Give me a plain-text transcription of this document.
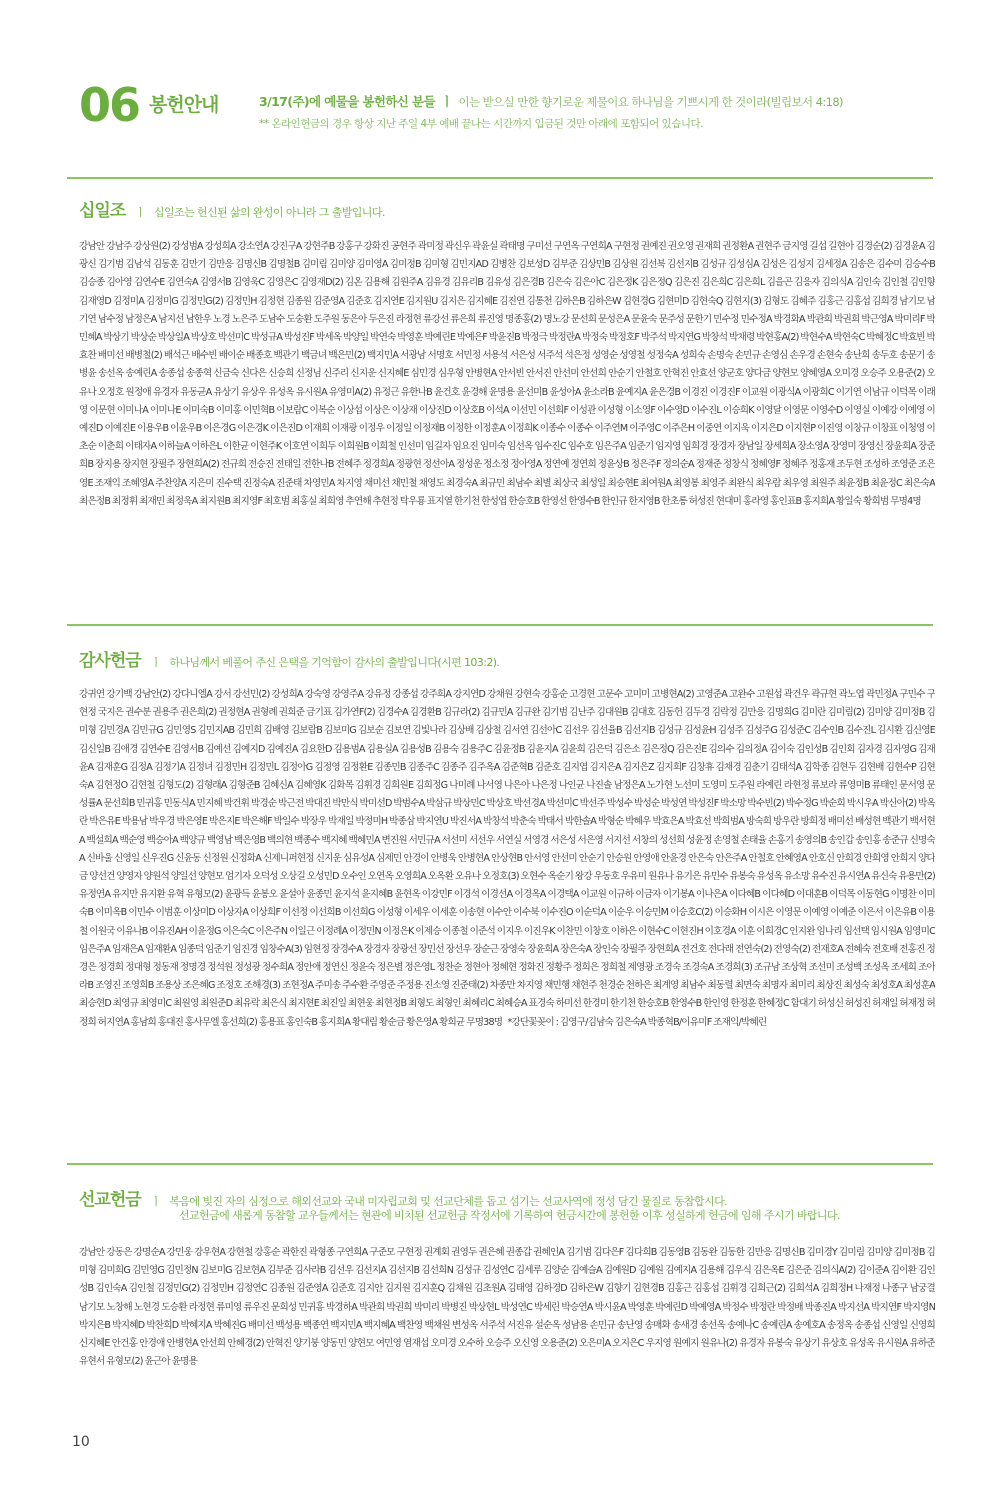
06 봉헌안내	3/17(주)에 예물을 봉헌하신 분들 ㅣ 이는 받으실 만한 향기로운 제물이요 하나님을 기쁘시게 한 것이라(빌립보서 4:18)
** 온라인헌금의 경우 항상 지난 주일 4부 예배 끝나는 시간까지 입금된 것만 아래에 포함되어 있습니다.
십일조 ㅣ 십일조는 헌신된 삶의 완성이 아니라 그 출발입니다.
강남안 강남주 강상원(2) 강성범A 강성희A 강소연A 강진구A 강현주B 강홍구 강화진 공현주 곽미정 곽신우 곽윤실 곽태명 구미선 구연옥 구연희A 구현정 권예진 권오영 권재희 권정환A 권현주 금지영 길섭 길현아 김경순(2) 김경윤A 김광신 김기범 김남석 김동훈 김만기 김만응 김명신B 김명철B 김미림 김미양 김미영A 김미정B 김미형 김민지AD 김병찬 김보성D 김부준 김상민B 김상원 김선북 김선지B 김성규 김성심A 김성은 김성지 김세정A 김송은 김수미 김승수B 김승종 김아영 김연수E 김연숙A 김영서B 김영욱C 김영은C 김영재D(2) 김온 김용해 김원주A 김유경 김유리B 김유성 김은경B 김은숙 김은아C 김은정K 김은정Q 김은진 김은희C 김은희L 김을곤 김응자 김의식A 김인숙 김인철 김인향 김재영D 김정미A 김정미G 김정민G(2) 김정민H 김정현 김종원 김준영A 김준호 김지연E 김지원U 김지은 김지혜E 김진연 김통천 김하은B 김하은W 김현경G 김현미D 김현숙Q 김현지(3) 김형도 김혜주 김홍근 김홍섭 김희경 남기모 남기연 남수정 남정은A 남지선 남한우 노경 노은주 도남수 도숭환 도주원 동은아 두은진 라정현 류강선 류은희 류진영 명종홍(2) 명노강 문선희 문성은A 문윤숙 문주성 문한기 민수정 민수정A 박경화A 박관희 박권희 박근영A 박미리F 박민혜A 박상기 박상순 박상일A 박상호 박선미C 박성규A 박성진F 박세옥 박양일 박연숙 박영훈 박예린E 박예은F 박윤진B 박정극 박정란A 박정숙 박정호F 박주석 박지연G 박창석 박채령 박현홍A(2) 박현수A 박현숙C 박혜정C 박효빈 박효찬 배미선 배병철(2) 배석근 배수빈 배이순 배종호 백관기 백금녀 백은민(2) 백지민A 서광남 서명호 서민정 서용석 서은성 서주석 석은정 성영순 성영철 성정숙A 성희숙 손명숙 손민규 손영심 손우경 손현숙 송난희 송두호 송문기 송병윤 송선옥 송예린A 송종섭 송종혁 신금숙 신다은 신승희 신정님 신주리 신지운 신지혜E 심민경 심우형 안병현A 안서빈 안서진 안선미 안선희 안순기 안철호 안혁진 안효선 양군호 양다금 양현모 양혜영A 오미경 오승주 오용준(2) 오유나 오정호 원정애 유경자 유동균A 유상기 유상우 유성옥 유시원A 유영미A(2) 유정근 유한나B 윤건호 윤경해 윤명용 윤선미B 윤성아A 윤소라B 윤예지A 윤은경B 이경진 이경진F 이교원 이광식A 이광희C 이기연 이남규 이덕목 이래영 이문현 이미나A 이미나E 이미숙B 이미홍 이민혁B 이보람C 이복순 이상섭 이상은 이상재 이상진D 이상호B 이석A 이선민 이선희F 이성관 이성형 이소영F 이수영D 이수진L 이승희K 이영달 이영문 이영수D 이영실 이예강 이예영 이예진D 이예진E 이용우B 이윤우B 이은경G 이은경K 이은진D 이재희 이재광 이정우 이정일 이정재B 이정한 이정훈A 이정희K 이종수 이종수 이주연M 이주영C 이주은H 이중연 이지욱 이지은D 이지현P 이진영 이창규 이창표 이청영 이초순 이춘희 이태자A 이하늘A 이하은L 이한균 이현주K 이호연 이희두 이희원B 이희철 인선미 임길자 임요진 임미숙 임선옥 임수진C 임수호 임은주A 임준기 임지영 임희경 장경자 장남일 장세희A 장소영A 장영미 장영신 장윤희A 장준희B 장지용 장지현 장필주 장현희A(2) 전규희 전승진 전태일 전한나B 전혜주 정경희A 정광현 정선아A 정성운 정소정 정아영A 정연예 정연희 정윤상B 정은주F 정의순A 정재준 정창식 정혜영F 정혜주 정홍재 조두현 조성하 조영준 조은영E 조재익 조혜영A 주찬양A 지은미 진수택 진정숙A 진준태 차영민A 차지영 채미선 채민철 채영도 최경숙A 최규민 최남수 최별 최상국 최성일 최승현E 최여원A 최영봉 최영주 최완식 최우람 최우영 최원주 최윤정B 최윤정C 최은숙A 최은정B 최정휘 최재민 최정욱A 최지원B 최지영F 최호범 최홍실 최희영 추연해 추현정 탁우룡 표지열 한기천 한성엽 한승호B 한영선 한영수B 한인규 한지영B 한초롱 허성진 현대미 홍라영 홍인표B 홍지희A 황일숙 황희범 무명4명
감사헌금 ㅣ 하나님께서 베풀어 주신 은택을 기억함이 감사의 출발입니다(시편 103:2).
강귀연 강기백 강남안(2) 강다니엘A 강서 강선민(2) 강성희A 강숙영 강영주A 강유정 강종섭 강주희A 강지연D 강채원 강현숙 강홍순 고경현 고문수 고미미 고병현A(2) 고영준A 고완수 고원섭 곽건우 곽규현 곽노엽 곽민정A 구민수 구현정 국지은 권수분 권용주 권은희(2) 권정현A 권형례 권희준 금기표 김가연F(2) 김경수A 김경환B 김규라(2) 김규민A 김규완 김기범 김난주 김대원B 김대호 김동헌 김두경 김락정 김만응 김명희G 김미란 김미림(2) 김미양 김미정B 김미형 김민경A 김민규G 김민영S 김민지AB 김민희 김배영 김보람B 김보미G 김보순 김보연 김빛나라 김상배 김상철 김서연 김선아C 김선우 김선율B 김선지B 김성규 김성윤H 김성주 김성주G 김성준C 김수인B 김수진L 김시환 김신영E 김신일B 김애경 김연수E 김영서B 김예선 김예지D 김예진A 김요한D 김용범A 김용실A 김용성B 김용숙 김용주C 김윤정B 김윤지A 김윤희 김은덕 김은소 김은정Q 김은진E 김의수 김의정A 김이숙 김인성B 김인회 김자경 김자영G 김재윤A 김재훈G 김정A 김정기A 김정녀 김정민H 김정민L 김정아G 김정영 김정환E 김종민B 김종주C 김종주 김주옥A 김준혁B 김준호 김지엽 김지은A 김지은Z 김지희F 김창휴 김채경 김춘기 김태석A 김학종 김현두 김현배 김현수P 김현숙A 김현정O 김현철 김형도(2) 김형래A 김형준B 김혜신A 김혜영K 김화목 김휘경 김희원E 김희정G 나미례 나서영 나은아 나은정 나인균 나진솔 남정은A 노가현 노선미 도영미 도주원 라예린 라현정 류보라 류영미B 류태인 문서영 문성률A 문선희B 민귀홍 민동식A 민지혜 박건휘 박경순 박근전 박대진 박만식 박미선D 박범수A 박삼규 박상민C 박상호 박선경A 박선미C 박선주 박성수 박성순 박성연 박성진F 박소망 박수빈(2) 박수정G 박순희 박시우A 박신아(2) 박옥란 박은유E 박용남 박우경 박은영E 박은지E 박은해F 박일수 박장우 박재일 박정미H 박종삼 박지연U 박진서A 박창석 박춘숙 박태서 박한솔A 박형순 박혜우 박효은A 박효선 박희범A 방숙희 방우란 방희정 배미선 배성현 백관기 백서현A 백설희A 백순영 백승아A 백양규 백영남 백은영B 백의현 백종수 백지혜 백혜민A 변진원 서민규A 서선미 서선우 서연실 서영경 서은성 서은영 서지선 서창의 성선희 성윤정 손영철 손태율 손홍기 송영의B 송인갑 송인홍 송준규 신명숙A 신바울 신영일 신우진G 신윤동 신정원 신정화A 신제니퍼현정 신지운 심유성A 심제민 안경이 안병욱 안병현A 안상현B 안서영 안선미 안순기 안승원 안영애 안윤경 안은숙 안은주A 안철호 안혜영A 안호신 안희경 안희영 안희지 양다금 양선건 양영자 양원석 양일선 양현모 엄기자 오덕성 오상길 오성민D 오수인 오연옥 오영희A 오옥환 오유나 오정호(3) 오현수 옥순기 왕강 우동호 우유미 원유나 유기은 유민수 유봉숙 유성옥 유소망 유수진 유시연A 유신숙 유용만(2) 유정연A 유지만 유지환 유혁 유형모(2) 윤광득 윤봉오 윤설아 윤종민 윤지석 윤지혜B 윤현옥 이강민F 이경석 이경선A 이경옥A 이경택A 이교원 이규하 이금자 이기봉A 이나은A 이다혜B 이다혜D 이대훈B 이덕목 이동현G 이명찬 이미숙B 이미옥B 이민수 이범훈 이상미D 이상자A 이상희F 이선정 이선희B 이선희G 이성형 이세우 이세훈 이송현 이수안 이수북 이수진O 이순덕A 이순우 이승민M 이승호C(2) 이승화H 이시은 이영문 이예영 이예준 이은서 이은유B 이용철 이원국 이유나B 이유진AH 이윤정G 이은숙C 이은주N 이일근 이정례A 이정민N 이정은K 이제승 이종철 이준석 이지우 이진우K 이찬민 이창호 이하은 이현수C 이현진H 이호경A 이훈 이희경C 인지완 임나리 임선택 임시원A 임영미C 임은주A 임재은A 임재환A 임종덕 임준기 임진경 임창수A(3) 임현정 장경수A 장경자 장광선 장민선 장선우 장순근 장영숙 장윤희A 장은숙A 장인숙 장필주 장현희A 전건호 전다래 전연숙(2) 전영숙(2) 전재호A 전혜숙 전호배 전홍진 정경은 정경희 정대형 정동재 정명경 정석원 정성광 정수희A 정안애 정연신 정윤숙 정은별 정은영L 정찬순 정현아 정혜현 정화진 정황주 정희은 정희철 제영광 조경숙 조경숙A 조경희(3) 조규남 조상혁 조선미 조성백 조성옥 조세희 조아라B 조영진 조영희B 조용상 조은혜G 조정호 조해경(3) 조현정A 주미송 주수환 주영준 주정용 진소영 진준태(2) 차종만 차지영 채민행 채현주 천경순 천하은 최계영 최남수 최동렬 최면숙 최명자 최미리 최상진 최성숙 최성호A 최성훈A 최승현D 최영규 최영미C 최원영 최원준D 최유락 최은식 최지현E 최진일 최현웅 최현정B 최형도 최형인 최혜리C 최혜승A 표경숙 하미선 한경미 한기천 한승호B 한영수B 한인영 한정훈 한혜정C 함대기 허성신 허성진 허재일 허재정 허정희 허지연A 홍남희 홍대진 홍사무엘 홍선희(2) 홍용표 홍인숙B 홍지희A 황대림 황순금 황은영A 황희균 무명38명 *강단꽃꽂이 : 김영구/김남숙 김은숙A 박종혁B/이유미F 조재익/박혜린
선교헌금 ㅣ 복음에 빚진 자의 심정으로 해외선교와 국내 미자립교회 및 선교단체를 돕고 섬기는 선교사역에 정성 담긴 물질로 동참합시다.
선교헌금에 새롭게 동참할 교우들께서는 현관에 비치된 선교헌금 작정서에 기록하여 헌금시간에 봉헌한 이후 성실하게 헌금에 임해 주시기 바랍니다.
강남안 강동은 강명순A 강민웅 강우현A 강현철 강홍순 곽한진 곽형종 구연희A 구준모 구현정 권계회 권영두 권은혜 권종갑 권혜인A 김기범 김다은F 김다희B 김동영B 김동완 김동한 김만응 김명신B 김미경Y 김미림 김미양 김미정B 김미형 김미희G 김민영G 김민정N 김보미G 김보현A 김부준 김사라B 김선우 김선지A 김선지B 김선희N 김성규 김성연C 김세루 김양순 김예슬A 김예원D 김예원 김예지A 김용해 김우식 김은옥E 김은준 김의식A(2) 김이준A 김이환 김인성B 김인숙A 김인철 김정민G(2) 김정민H 김정연C 김종원 김준영A 김준호 김지안 김지원 김지훈Q 김채원 김초원A 김태영 김하경D 김하은W 김향기 김현경B 김홍근 김홍섭 김휘경 김희근(2) 김희석A 김희정H 나재정 나종구 남궁결 남기모 노창해 노현경 도승환 라정현 류미영 류우진 문희성 민귀홍 박경하A 박관희 박권희 박미리 박병진 박상현L 박성연C 박세린 박승연A 박시윤A 박영훈 박예린D 박예영A 박정수 박정란 박정배 박종진A 박지선A 박지연F 박지영N 박지은B 박지혜D 박찬희D 박혜지A 박혜진G 배미선 백성용 백종연 백지민A 백지혜A 백찬영 백채원 변성옥 서주석 서진유 설순옥 성남용 손민규 송난영 송매화 송새경 송선옥 송예나C 송예린A 송예호A 송정옥 송종섭 신영일 신영희 신지혜E 안건홍 안경애 안병현A 안선희 안혜경(2) 안혁진 양기붕 양동민 양현모 여민영 염재섭 오미경 오수하 오승주 오신영 오용준(2) 오은미A 오지은C 우지영 원예지 원유나(2) 유경자 유봉숙 유상기 유상호 유성옥 유시원A 유하준 유현서 유형모(2) 윤근아 윤명용
10
